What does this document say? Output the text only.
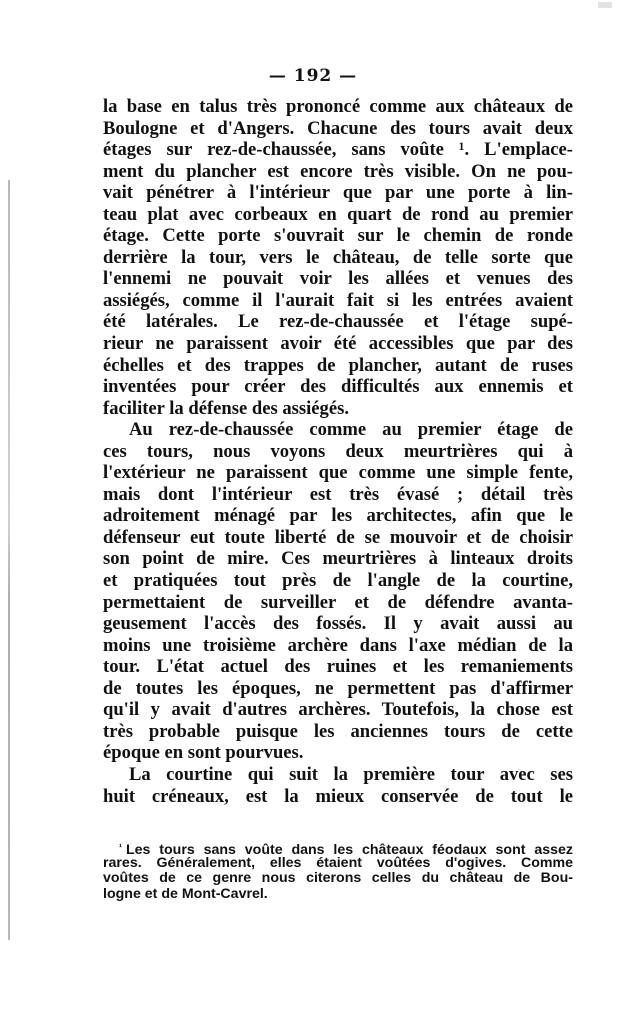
— 192 —
la base en talus très prononcé comme aux châteaux de
Boulogne et d'Angers. Chacune des tours avait deux
étages sur rez-de-chaussée, sans voûte ¹. L'emplace-
ment du plancher est encore très visible. On ne pou-
vait pénétrer à l'intérieur que par une porte à lin-
teau plat avec corbeaux en quart de rond au premier
étage. Cette porte s'ouvrait sur le chemin de ronde
derrière la tour, vers le château, de telle sorte que
l'ennemi ne pouvait voir les allées et venues des
assiégés, comme il l'aurait fait si les entrées avaient
été latérales. Le rez-de-chaussée et l'étage supé-
rieur ne paraissent avoir été accessibles que par des
échelles et des trappes de plancher, autant de ruses
inventées pour créer des difficultés aux ennemis et
faciliter la défense des assiégés.
Au rez-de-chaussée comme au premier étage de
ces tours, nous voyons deux meurtrières qui à
l'extérieur ne paraissent que comme une simple fente,
mais dont l'intérieur est très évasé ; détail très
adroitement ménagé par les architectes, afin que le
défenseur eut toute liberté de se mouvoir et de choisir
son point de mire. Ces meurtrières à linteaux droits
et pratiquées tout près de l'angle de la courtine,
permettaient de surveiller et de défendre avanta-
geusement l'accès des fossés. Il y avait aussi au
moins une troisième archère dans l'axe médian de la
tour. L'état actuel des ruines et les remaniements
de toutes les époques, ne permettent pas d'affirmer
qu'il y avait d'autres archères. Toutefois, la chose est
très probable puisque les anciennes tours de cette
époque en sont pourvues.
La courtine qui suit la première tour avec ses
huit créneaux, est la mieux conservée de tout le
$^{^1}$ Les tours sans voûte dans les châteaux féodaux sont assez
rares. Généralement, elles étaient voûtées d'ogives. Comme
voûtes de ce genre nous citerons celles du château de Bou-
logne et de Mont-Cavrel.
